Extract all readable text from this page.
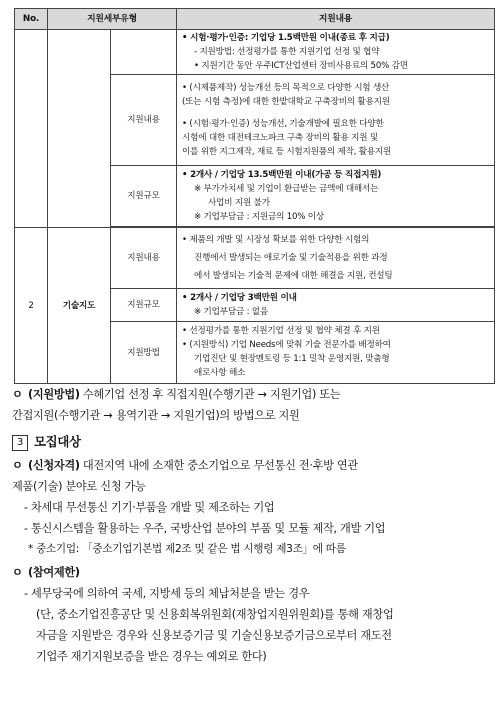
No.	지원세부유형		지원내용

			• 시험·평가·인증: 기업당 1.5백만원 이내(종료 후 지급)
- 지원방법: 선정평가를 통한 지원기업 선정 및 협약
• 지원기간 동안 우주ICT산업센터 장비사용료의 50% 감면

		지원내용	• (시제품제작) 성능개선 등의 목적으로 다양한 시험 생산
(또는 시험 측정)에 대한 한밭대학교 구축장비의 활용지원
• (시험·평가·인증) 성능개선, 기술개발에 필요한 다양한
시험에 대한 대전테크노파크 구축 장비의 활용 지원 및
이를 위한 지그제작, 재료 등 시험지원품의 제작, 활용지원

		지원규모	• 2개사 / 기업당 13.5백만원 이내(가공 등 직접지원)
※ 부가가치세 및 기업이 환급받는 금액에 대해서는
사업비 지원 불가
※ 기업부담금 : 지원금의 10% 이상

2	기술지도	지원내용	• 제품의 개발 및 시장성 확보를 위한 다양한 시험의
진행에서 발생되는 애로기술 및 기술적용을 위한 과정
에서 발생되는 기술적 문제에 대한 해결을 지원, 컨설팅

		지원규모	• 2개사 / 기업당 3백만원 이내
※ 기업부담금 : 없음

		지원방법	• 선정평가를 통한 지원기업 선정 및 협약 체결 후 지원
• (지원방식) 기업 Needs에 맞춰 기술 전문가를 배정하여
기업진단 및 현장멘토링 등 1:1 밀착 운영지원, 맞춤형
애로사항 해소
ㅇ (지원방법) 수혜기업 선정 후 직접지원(수행기관 → 지원기업) 또는
간접지원(수행기관 → 용역기관 → 지원기업)의 방법으로 지원
3 모집대상
ㅇ (신청자격) 대전지역 내에 소재한 중소기업으로 무선통신 전·후방 연관
제품(기술) 분야로 신청 가능
- 차세대 무선통신 기기·부품을 개발 및 제조하는 기업
- 통신시스템을 활용하는 우주, 국방산업 분야의 부품 및 모듈 제작, 개발 기업
* 중소기업: 「중소기업기본법 제2조 및 같은 법 시행령 제3조」에 따름
ㅇ (참여제한)
- 세무당국에 의하여 국세, 지방세 등의 체납처분을 받는 경우
(단, 중소기업진흥공단 및 신용회복위원회(재창업지원위원회)를 통해 재창업
자금을 지원받은 경우와 신용보증기금 및 기술신용보증기금으로부터 재도전
기업주 재기지원보증을 받은 경우는 예외로 한다)
